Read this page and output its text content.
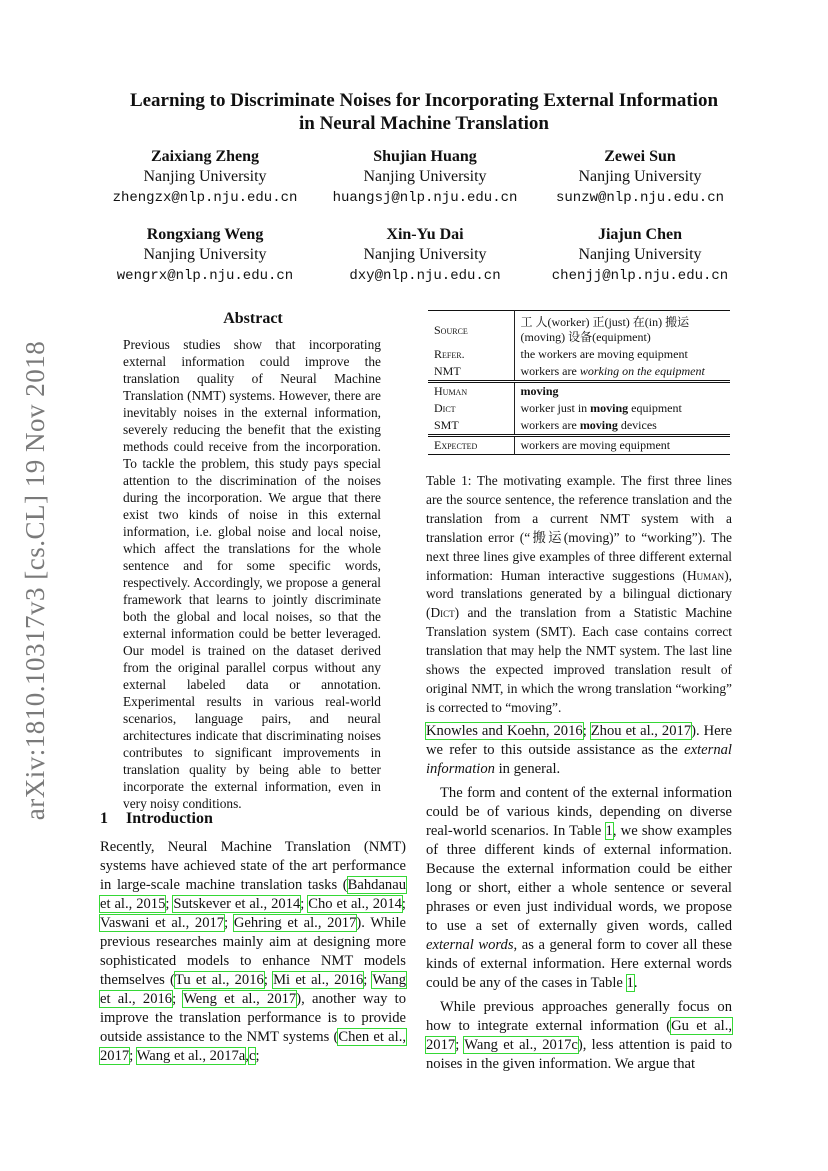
arXiv:1810.10317v3 [cs.CL] 19 Nov 2018
Learning to Discriminate Noises for Incorporating External Information
in Neural Machine Translation
Zaixiang Zheng
Nanjing University
zhengzx@nlp.nju.edu.cn
Shujian Huang
Nanjing University
huangsj@nlp.nju.edu.cn
Zewei Sun
Nanjing University
sunzw@nlp.nju.edu.cn
Rongxiang Weng
Nanjing University
wengrx@nlp.nju.edu.cn
Xin-Yu Dai
Nanjing University
dxy@nlp.nju.edu.cn
Jiajun Chen
Nanjing University
chenjj@nlp.nju.edu.cn
Abstract
Previous studies show that incorporating external information could improve the translation quality of Neural Machine Translation (NMT) systems. However, there are inevitably noises in the external information, severely reducing the benefit that the existing methods could receive from the incorporation. To tackle the problem, this study pays special attention to the discrimination of the noises during the incorporation. We argue that there exist two kinds of noise in this external information, i.e. global noise and local noise, which affect the translations for the whole sentence and for some specific words, respectively. Accordingly, we propose a general framework that learns to jointly discriminate both the global and local noises, so that the external information could be better leveraged. Our model is trained on the dataset derived from the original parallel corpus without any external labeled data or annotation. Experimental results in various real-world scenarios, language pairs, and neural architectures indicate that discriminating noises contributes to significant improvements in translation quality by being able to better incorporate the external information, even in very noisy conditions.
1 Introduction
Recently, Neural Machine Translation (NMT) systems have achieved state of the art performance in large-scale machine translation tasks (Bahdanau et al., 2015; Sutskever et al., 2014; Cho et al., 2014; Vaswani et al., 2017; Gehring et al., 2017). While previous researches mainly aim at designing more sophisticated models to enhance NMT models themselves (Tu et al., 2016; Mi et al., 2016; Wang et al., 2016; Weng et al., 2017), another way to improve the translation performance is to provide outside assistance to the NMT systems (Chen et al., 2017; Wang et al., 2017a,c;
Source	工 人(worker) 正(just) 在(in) 搬运(moving) 设备(equipment)
Refer.	the workers are moving equipment
NMT	workers are working on the equipment
Human	moving
Dict	worker just in moving equipment
SMT	workers are moving devices
Expected	workers are moving equipment
Table 1: The motivating example. The first three lines are the source sentence, the reference translation and the translation from a current NMT system with a translation error (“搬运(moving)” to “working”). The next three lines give examples of three different external information: Human interactive suggestions (Human), word translations generated by a bilingual dictionary (Dict) and the translation from a Statistic Machine Translation system (SMT). Each case contains correct translation that may help the NMT system. The last line shows the expected improved translation result of original NMT, in which the wrong translation “working” is corrected to “moving”.

Knowles and Koehn, 2016; Zhou et al., 2017). Here we refer to this outside assistance as the external information in general.

The form and content of the external information could be of various kinds, depending on diverse real-world scenarios. In Table 1, we show examples of three different kinds of external information. Because the external information could be either long or short, either a whole sentence or several phrases or even just individual words, we propose to use a set of externally given words, called external words, as a general form to cover all these kinds of external information. Here external words could be any of the cases in Table 1.

While previous approaches generally focus on how to integrate external information (Gu et al., 2017; Wang et al., 2017c), less attention is paid to noises in the given information. We argue that
